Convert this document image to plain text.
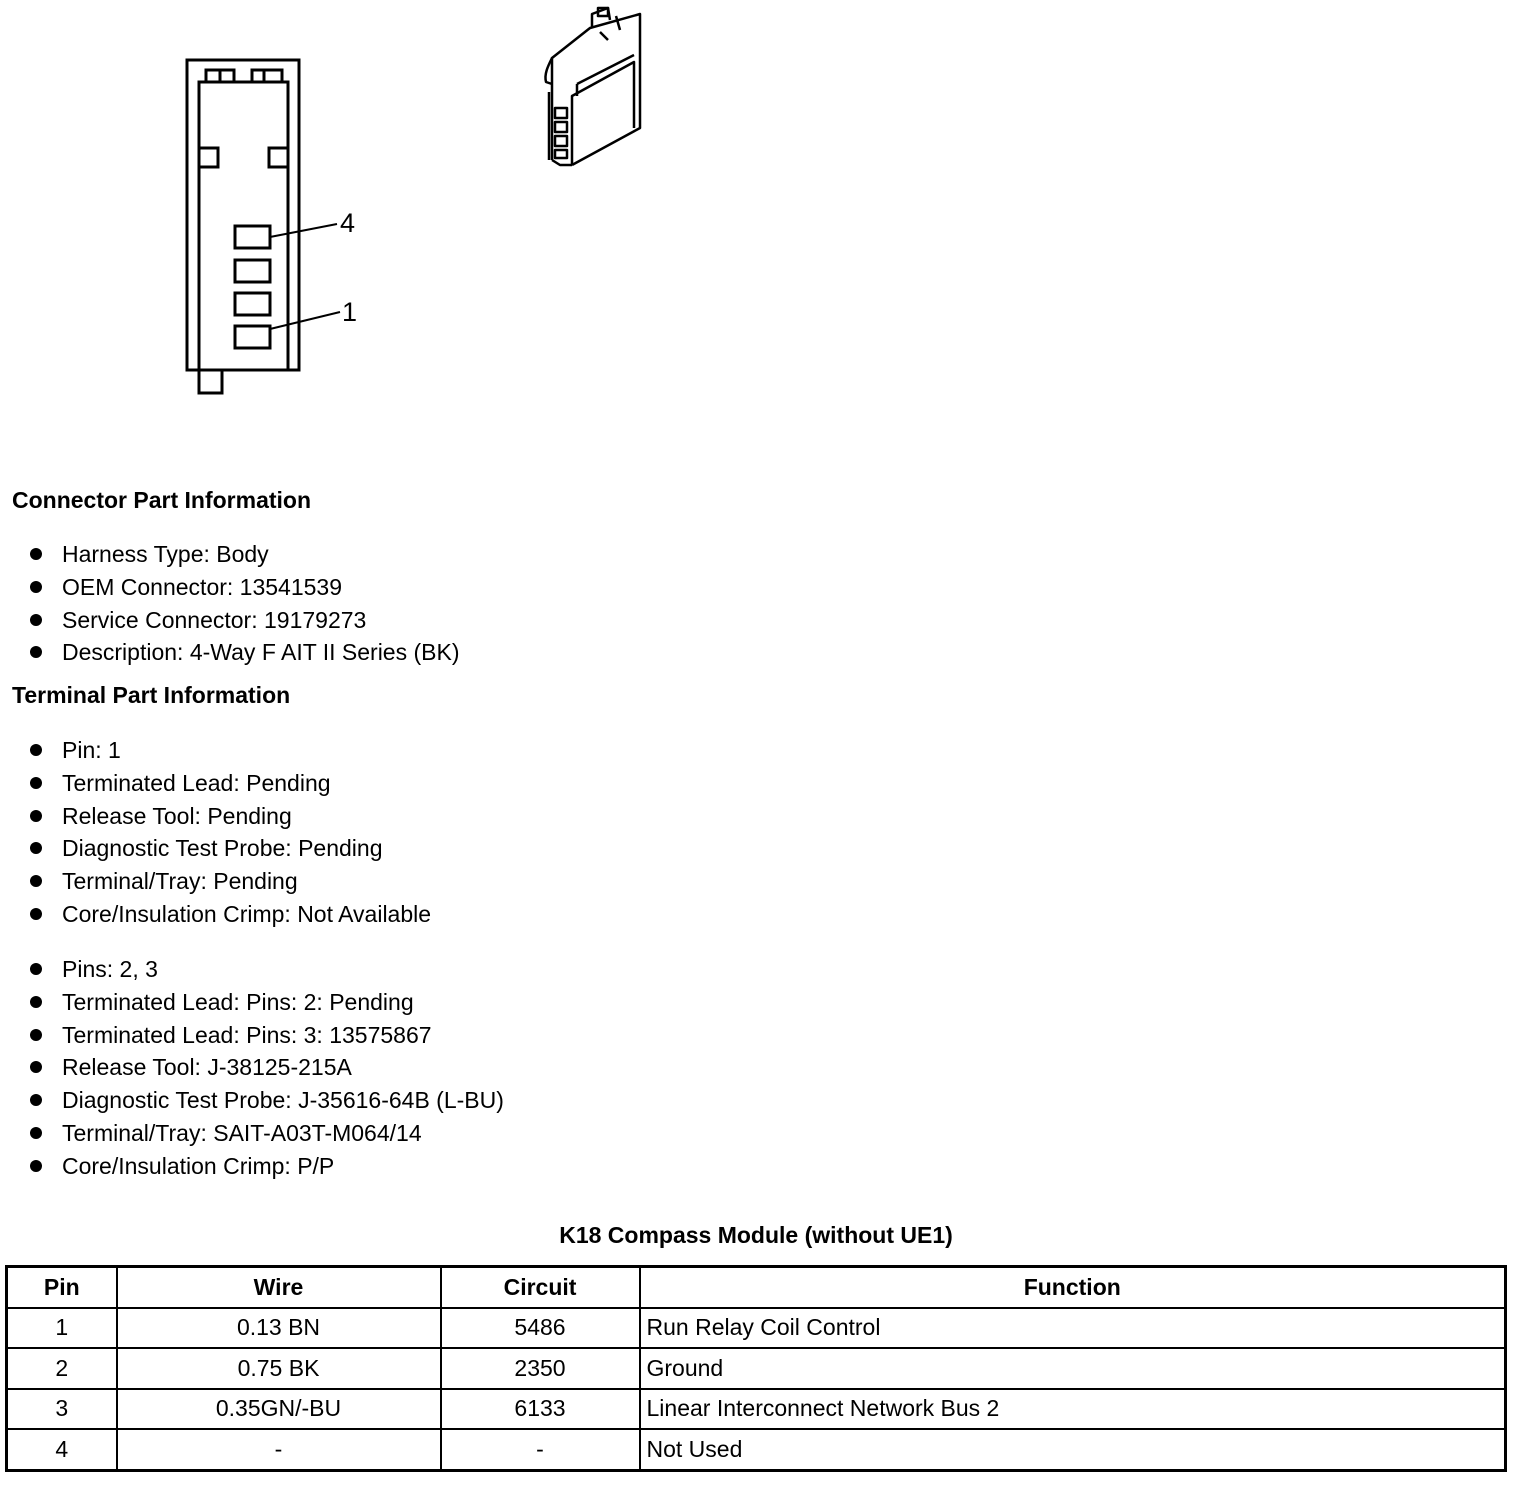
4
1
Connector Part Information
Harness Type: Body
OEM Connector: 13541539
Service Connector: 19179273
Description: 4-Way F AIT II Series (BK)
Terminal Part Information
Pin: 1
Terminated Lead: Pending
Release Tool: Pending
Diagnostic Test Probe: Pending
Terminal/Tray: Pending
Core/Insulation Crimp: Not Available
Pins: 2, 3
Terminated Lead: Pins: 2: Pending
Terminated Lead: Pins: 3: 13575867
Release Tool: J-38125-215A
Diagnostic Test Probe: J-35616-64B (L-BU)
Terminal/Tray: SAIT-A03T-M064/14
Core/Insulation Crimp: P/P
K18 Compass Module (without UE1)
Pin	Wire	Circuit	Function
1	0.13 BN	5486	Run Relay Coil Control
2	0.75 BK	2350	Ground
3	0.35GN/-BU	6133	Linear Interconnect Network Bus 2
4	-	-	Not Used
